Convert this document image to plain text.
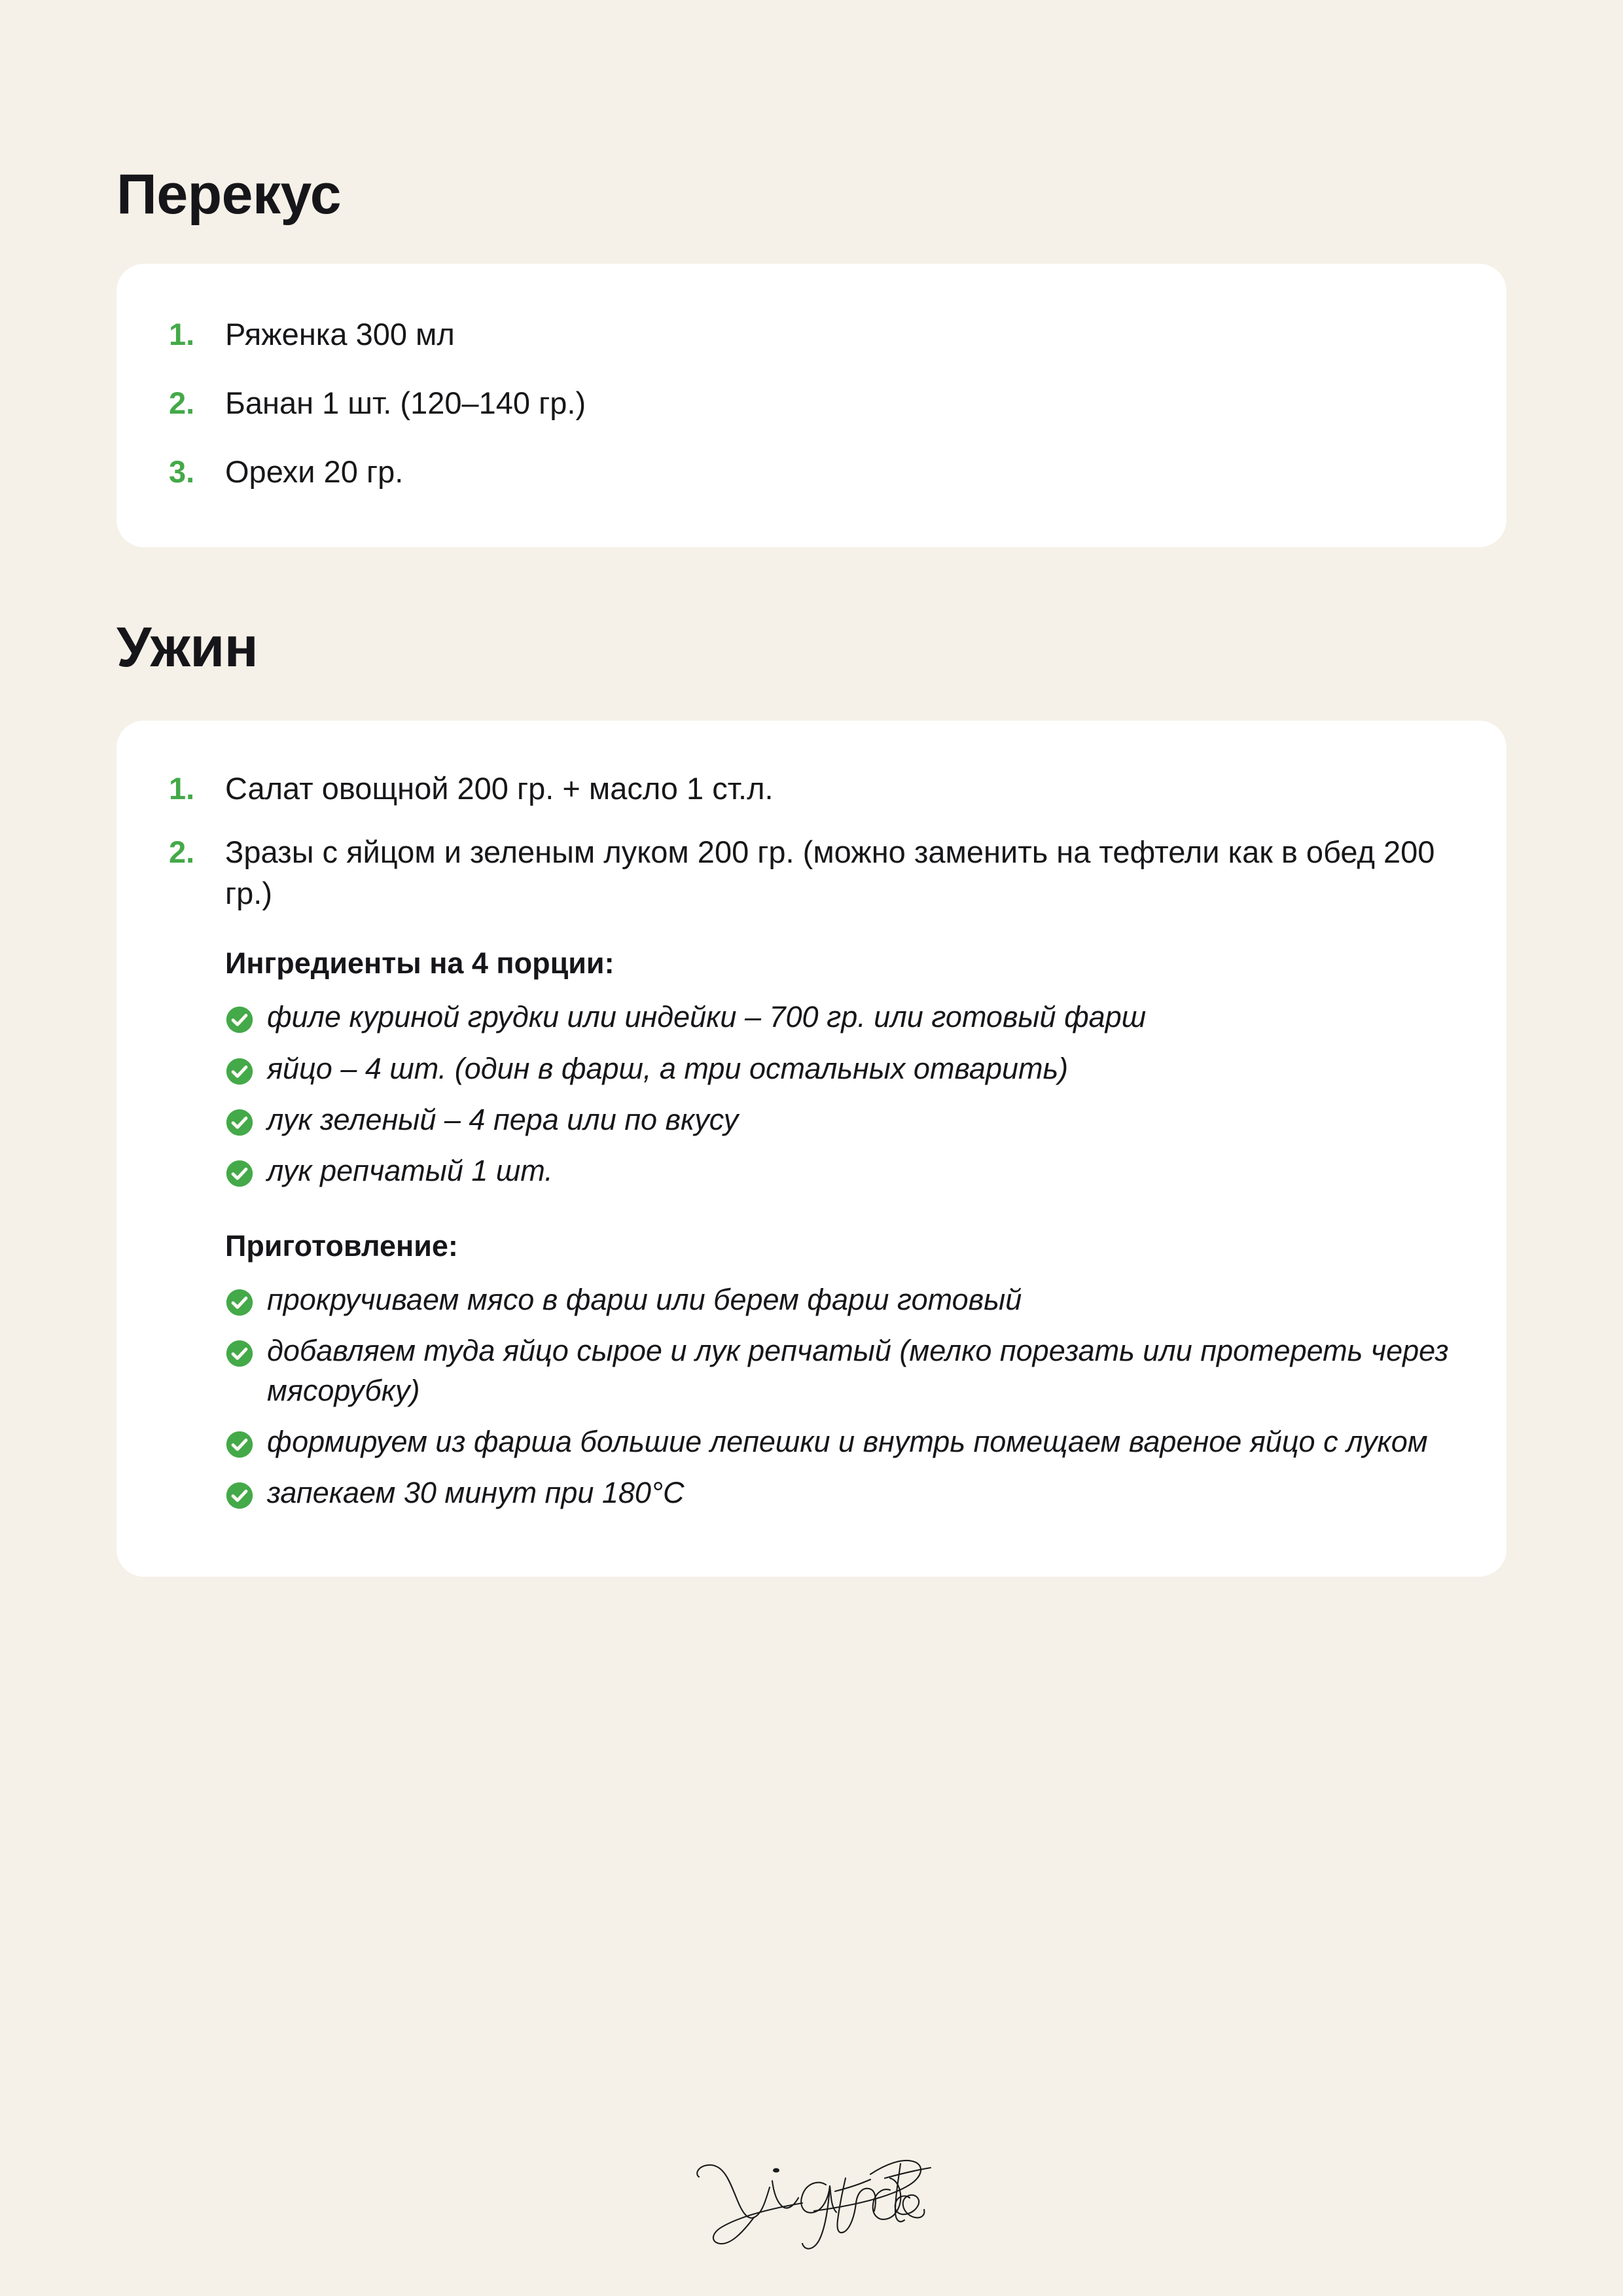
Перекус
1. Ряженка 300 мл
2. Банан 1 шт. (120–140 гр.)
3. Орехи 20 гр.
Ужин
1. Салат овощной 200 гр. + масло 1 ст.л.
2. Зразы с яйцом и зеленым луком 200 гр. (можно заменить на тефтели как в обед 200 гр.)
Ингредиенты на 4 порции:
филе куриной грудки или индейки – 700 гр. или готовый фарш
яйцо – 4 шт. (один в фарш, а три остальных отварить)
лук зеленый – 4 пера или по вкусу
лук репчатый 1 шт.
Приготовление:
прокручиваем мясо в фарш или берем фарш готовый
добавляем туда яйцо сырое и лук репчатый (мелко порезать или протереть через мясорубку)
формируем из фарша большие лепешки и внутрь помещаем вареное яйцо с луком
запекаем 30 минут при 180°С
